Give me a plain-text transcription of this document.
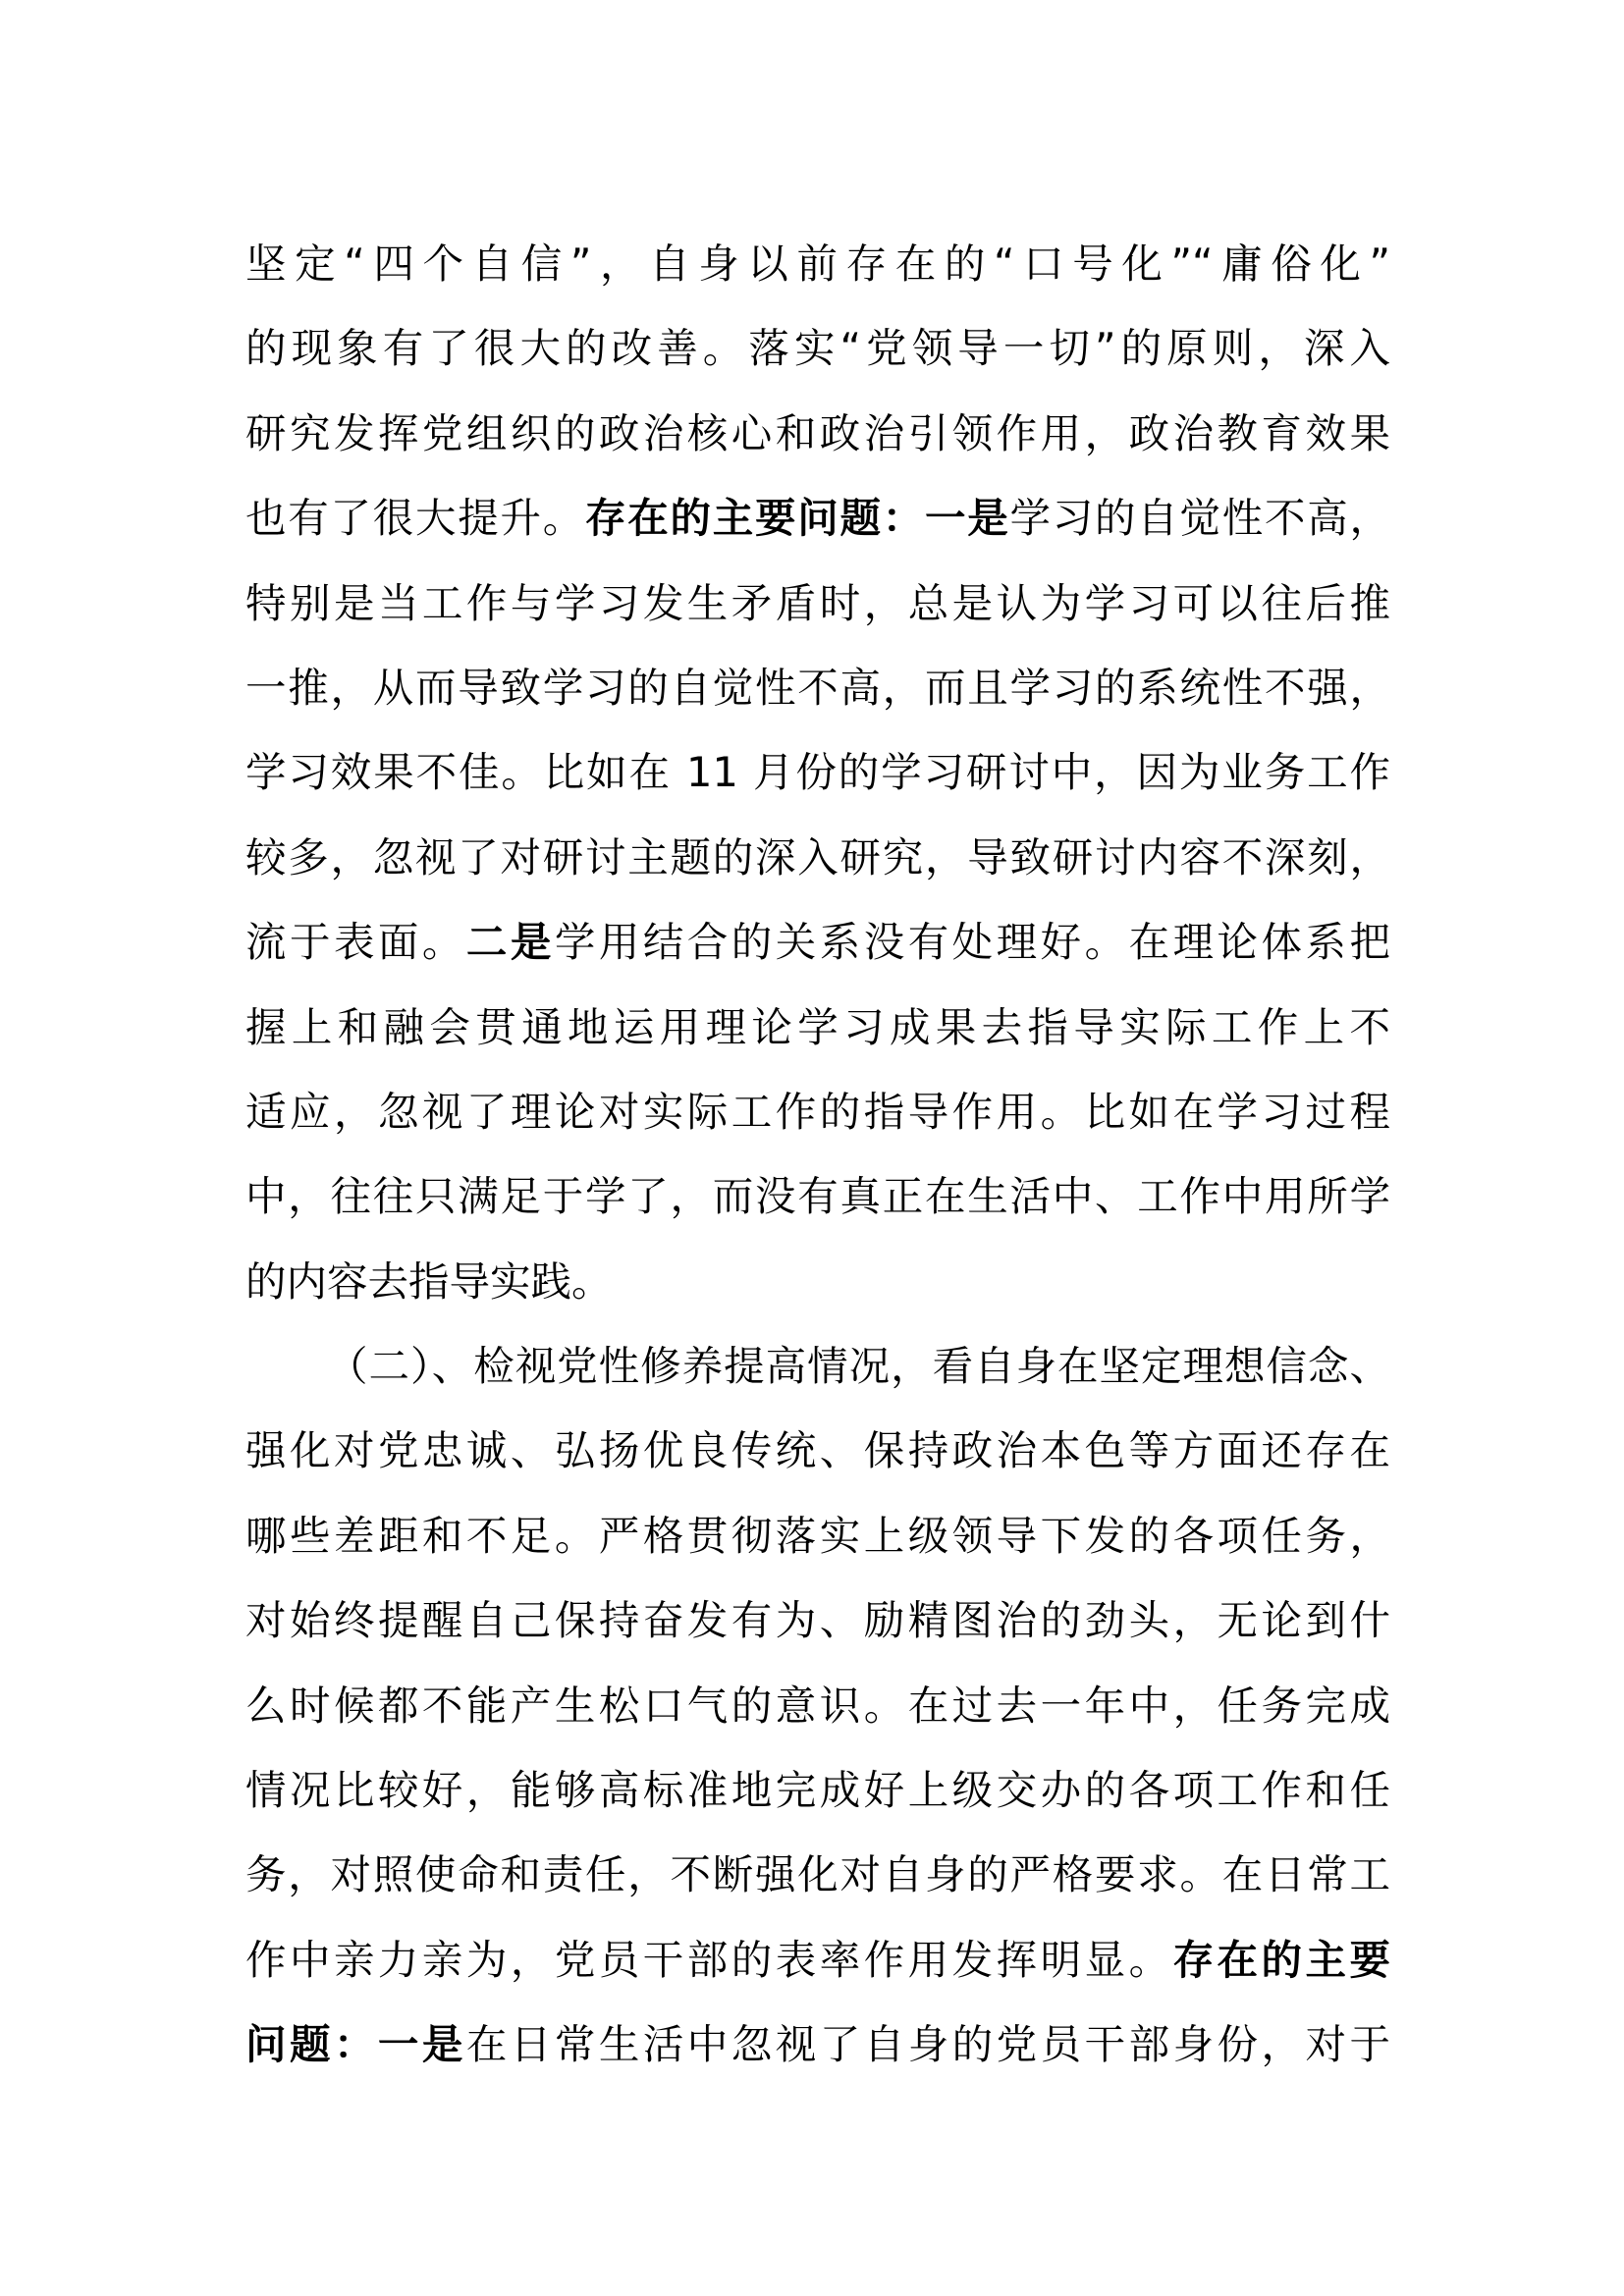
坚定“四个自信”，自身以前存在的“口号化”“庸俗化”
的现象有了很大的改善。落实“党领导一切”的原则，深入
研究发挥党组织的政治核心和政治引领作用，政治教育效果
也有了很大提升。存在的主要问题：一是学习的自觉性不高，
特别是当工作与学习发生矛盾时，总是认为学习可以往后推
一推，从而导致学习的自觉性不高，而且学习的系统性不强，
学习效果不佳。比如在 11 月份的学习研讨中，因为业务工作
较多，忽视了对研讨主题的深入研究，导致研讨内容不深刻，
流于表面。二是学用结合的关系没有处理好。在理论体系把
握上和融会贯通地运用理论学习成果去指导实际工作上不
适应，忽视了理论对实际工作的指导作用。比如在学习过程
中，往往只满足于学了，而没有真正在生活中、工作中用所学
的内容去指导实践。
（二）、检视党性修养提高情况，看自身在坚定理想信念、
强化对党忠诚、弘扬优良传统、保持政治本色等方面还存在
哪些差距和不足。严格贯彻落实上级领导下发的各项任务，
对始终提醒自己保持奋发有为、励精图治的劲头，无论到什
么时候都不能产生松口气的意识。在过去一年中，任务完成
情况比较好，能够高标准地完成好上级交办的各项工作和任
务，对照使命和责任，不断强化对自身的严格要求。在日常工
作中亲力亲为，党员干部的表率作用发挥明显。存在的主要
问题：一是在日常生活中忽视了自身的党员干部身份，对于
